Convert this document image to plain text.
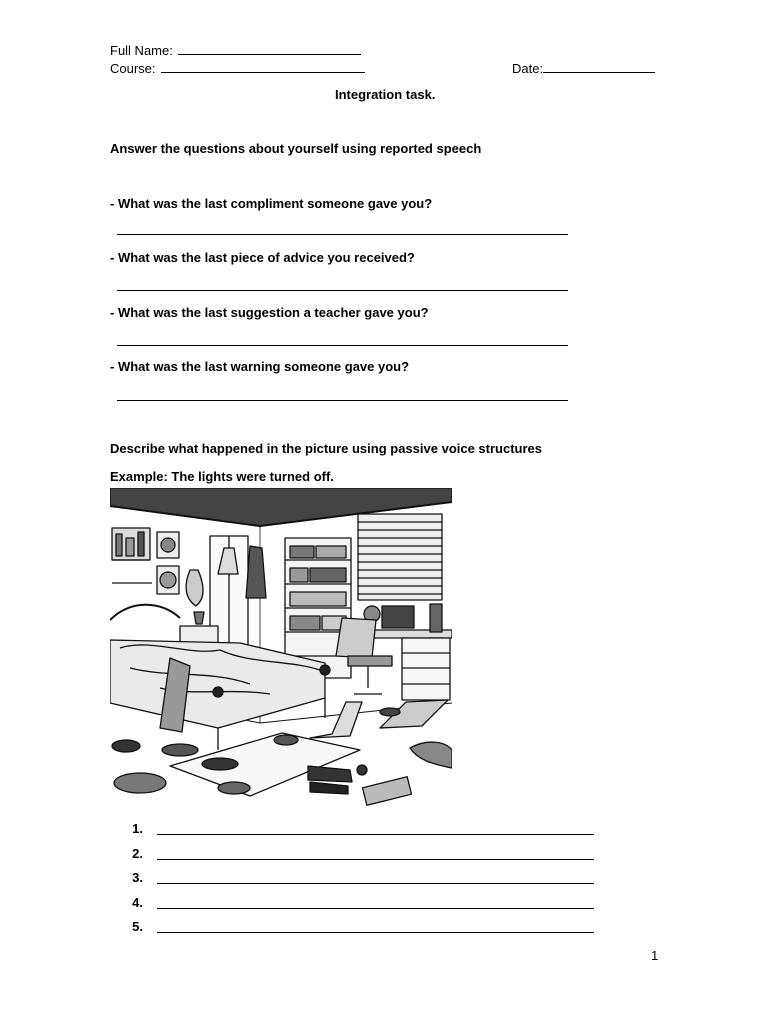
Full Name:
Course:	Date:
Integration task.
Answer the questions about yourself using reported speech
- What was the last compliment someone gave you?
- What was the last piece of advice you received?
- What was the last suggestion a teacher gave you?
- What was the last warning someone gave you?
Describe what happened in the picture using passive voice structures
Example: The lights were turned off.
1.
2.
3.
4.
5.
1
